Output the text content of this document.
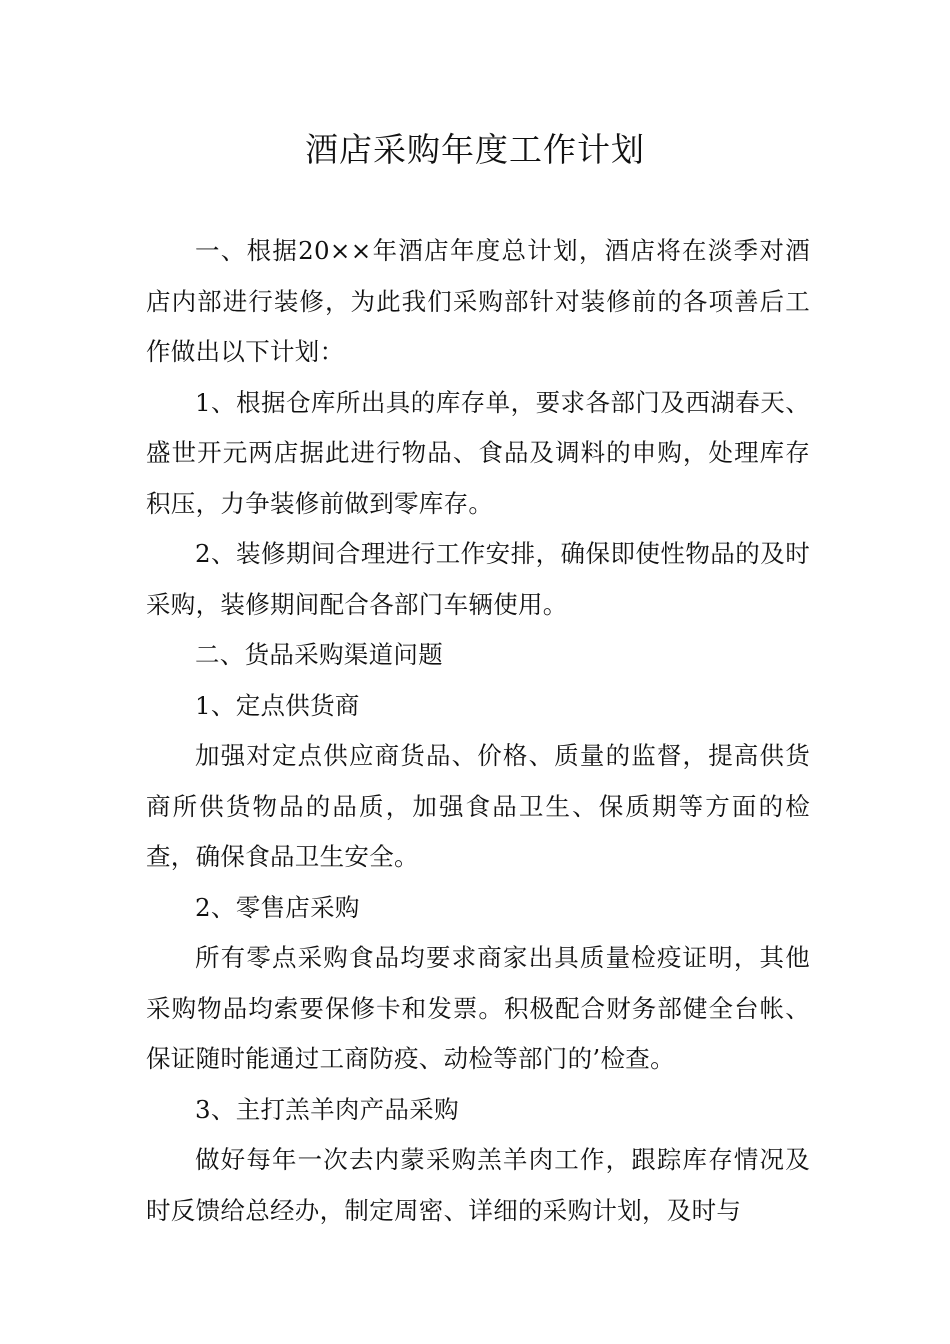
酒店采购年度工作计划

一、根据20××年酒店年度总计划，酒店将在淡季对酒店内部进行装修，为此我们采购部针对装修前的各项善后工作做出以下计划：

1、根据仓库所出具的库存单，要求各部门及西湖春天、盛世开元两店据此进行物品、食品及调料的申购，处理库存积压，力争装修前做到零库存。

2、装修期间合理进行工作安排，确保即使性物品的及时采购，装修期间配合各部门车辆使用。

二、货品采购渠道问题

1、定点供货商

加强对定点供应商货品、价格、质量的监督，提高供货商所供货物品的品质，加强食品卫生、保质期等方面的检查，确保食品卫生安全。

2、零售店采购

所有零点采购食品均要求商家出具质量检疫证明，其他采购物品均索要保修卡和发票。积极配合财务部健全台帐、保证随时能通过工商防疫、动检等部门的’检查。

3、主打羔羊肉产品采购

做好每年一次去内蒙采购羔羊肉工作，跟踪库存情况及时反馈给总经办，制定周密、详细的采购计划，及时与
